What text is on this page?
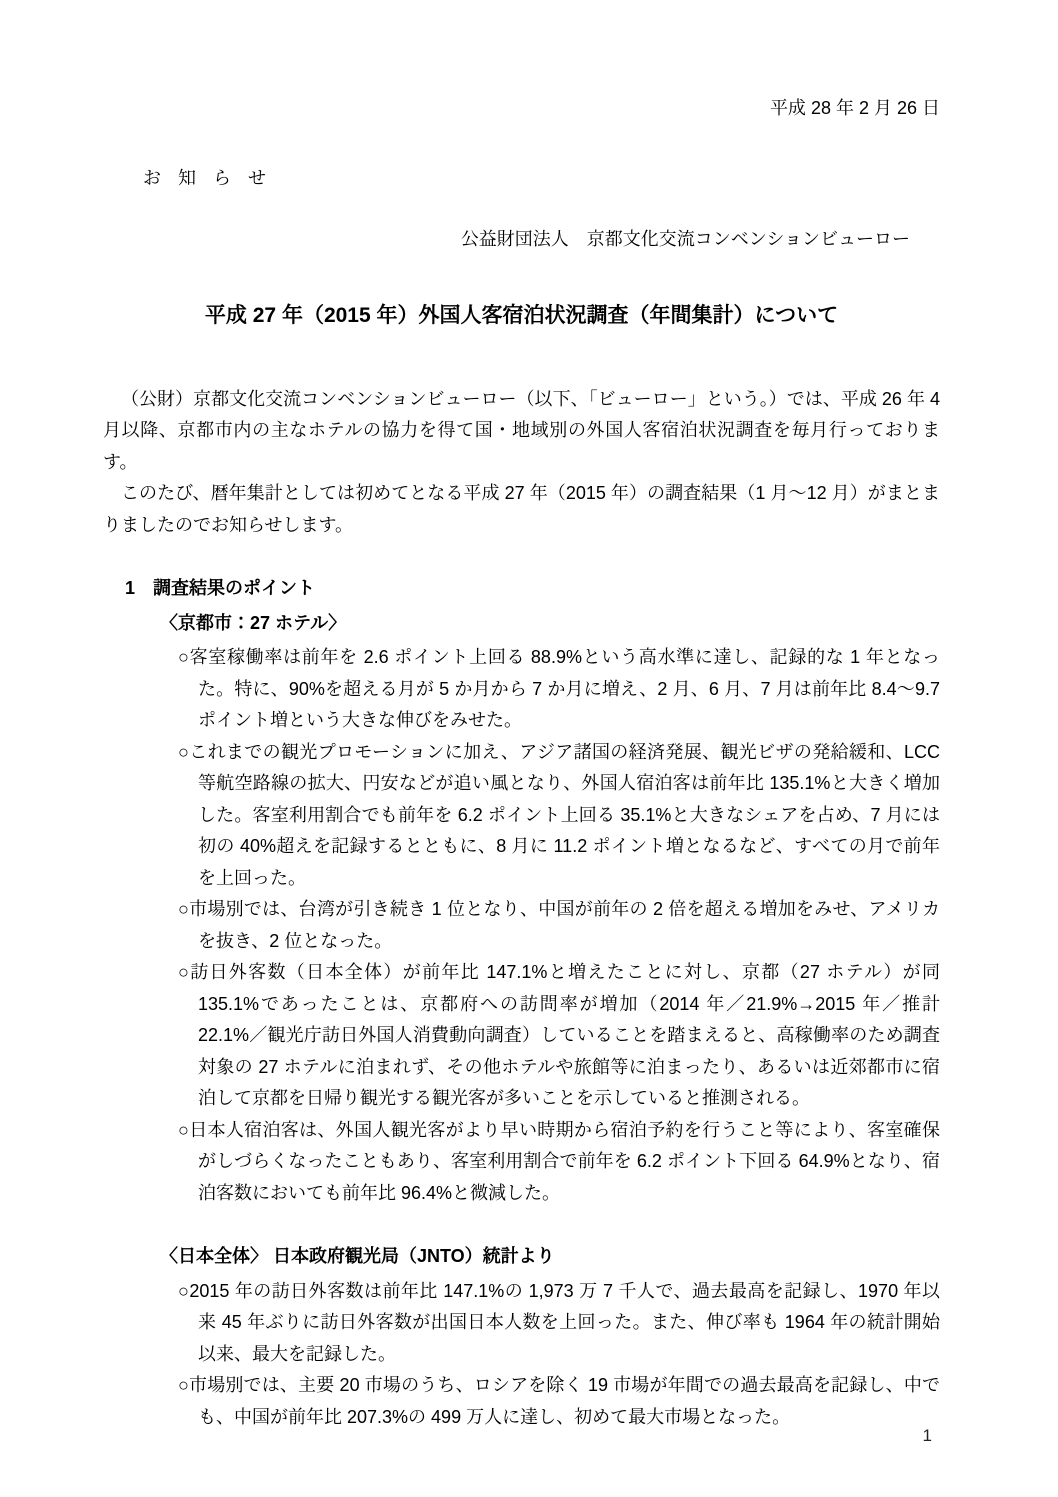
平成 28 年 2 月 26 日
お 知 ら せ
公益財団法人　京都文化交流コンベンションビューロー
平成 27 年（2015 年）外国人客宿泊状況調査（年間集計）について

（公財）京都文化交流コンベンションビューロー（以下、「ビューロー」という。）では、平成 26 年 4 月以降、京都市内の主なホテルの協力を得て国・地域別の外国人客宿泊状況調査を毎月行っております。

このたび、暦年集計としては初めてとなる平成 27 年（2015 年）の調査結果（1 月～12 月）がまとまりましたのでお知らせします。

1　調査結果のポイント
〈京都市：27 ホテル〉

○客室稼働率は前年を 2.6 ポイント上回る 88.9%という高水準に達し、記録的な 1 年となった。特に、90%を超える月が 5 か月から 7 か月に増え、2 月、6 月、7 月は前年比 8.4～9.7 ポイント増という大きな伸びをみせた。

○これまでの観光プロモーションに加え、アジア諸国の経済発展、観光ビザの発給緩和、LCC等航空路線の拡大、円安などが追い風となり、外国人宿泊客は前年比 135.1%と大きく増加した。客室利用割合でも前年を 6.2 ポイント上回る 35.1%と大きなシェアを占め、7 月には初の 40%超えを記録するとともに、8 月に 11.2 ポイント増となるなど、すべての月で前年を上回った。

○市場別では、台湾が引き続き 1 位となり、中国が前年の 2 倍を超える増加をみせ、アメリカを抜き、2 位となった。

○訪日外客数（日本全体）が前年比 147.1%と増えたことに対し、京都（27 ホテル）が同 135.1%であったことは、京都府への訪問率が増加（2014 年／21.9%→2015 年／推計 22.1%／観光庁訪日外国人消費動向調査）していることを踏まえると、高稼働率のため調査対象の 27 ホテルに泊まれず、その他ホテルや旅館等に泊まったり、あるいは近郊都市に宿泊して京都を日帰り観光する観光客が多いことを示していると推測される。

○日本人宿泊客は、外国人観光客がより早い時期から宿泊予約を行うこと等により、客室確保がしづらくなったこともあり、客室利用割合で前年を 6.2 ポイント下回る 64.9%となり、宿泊客数においても前年比 96.4%と微減した。

〈日本全体〉 日本政府観光局（JNTO）統計より

○2015 年の訪日外客数は前年比 147.1%の 1,973 万 7 千人で、過去最高を記録し、1970 年以来 45 年ぶりに訪日外客数が出国日本人数を上回った。また、伸び率も 1964 年の統計開始以来、最大を記録した。

○市場別では、主要 20 市場のうち、ロシアを除く 19 市場が年間での過去最高を記録し、中でも、中国が前年比 207.3%の 499 万人に達し、初めて最大市場となった。

1
